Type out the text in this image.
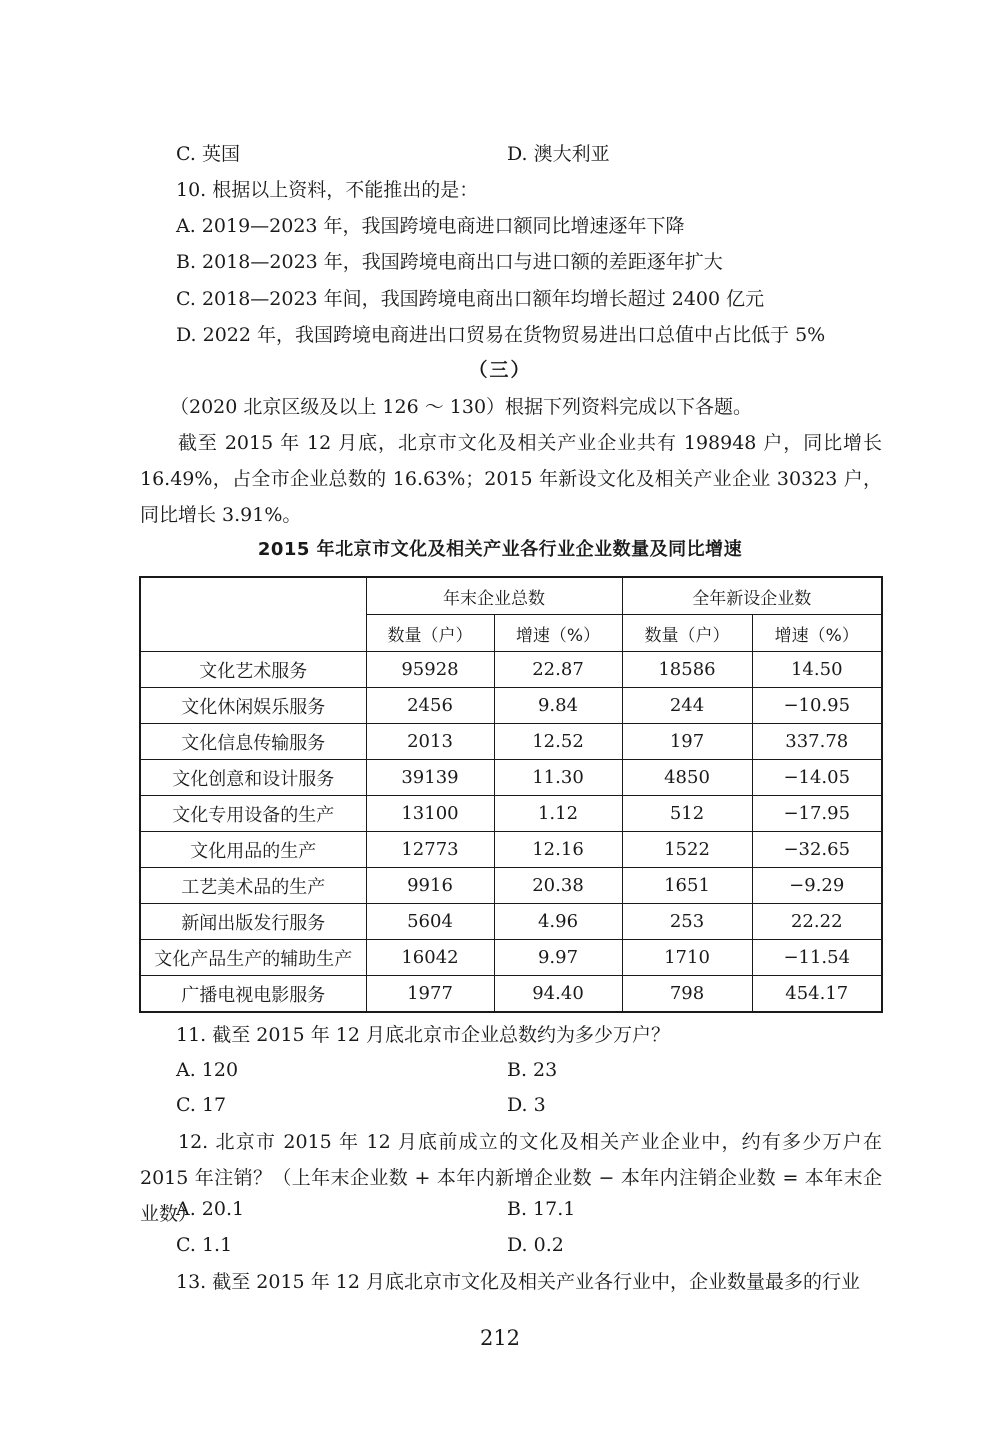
C. 英国	D. 澳大利亚
10. 根据以上资料，不能推出的是：
A. 2019—2023 年，我国跨境电商进口额同比增速逐年下降
B. 2018—2023 年，我国跨境电商出口与进口额的差距逐年扩大
C. 2018—2023 年间，我国跨境电商出口额年均增长超过 2400 亿元
D. 2022 年，我国跨境电商进出口贸易在货物贸易进出口总值中占比低于 5%
（三）
（2020 北京区级及以上 126 ～ 130）根据下列资料完成以下各题。
截至 2015 年 12 月底，北京市文化及相关产业企业共有 198948 户，同比增长 16.49%，占全市企业总数的 16.63%；2015 年新设文化及相关产业企业 30323 户，同比增长 3.91%。
2015 年北京市文化及相关产业各行业企业数量及同比增速
	年末企业总数		全年新设企业数	
	数量（户）	增速（%）	数量（户）	增速（%）
文化艺术服务	95928	22.87	18586	14.50
文化休闲娱乐服务	2456	9.84	244	−10.95
文化信息传输服务	2013	12.52	197	337.78
文化创意和设计服务	39139	11.30	4850	−14.05
文化专用设备的生产	13100	1.12	512	−17.95
文化用品的生产	12773	12.16	1522	−32.65
工艺美术品的生产	9916	20.38	1651	−9.29
新闻出版发行服务	5604	4.96	253	22.22
文化产品生产的辅助生产	16042	9.97	1710	−11.54
广播电视电影服务	1977	94.40	798	454.17
11. 截至 2015 年 12 月底北京市企业总数约为多少万户？
A. 120	B. 23
C. 17	D. 3
12. 北京市 2015 年 12 月底前成立的文化及相关产业企业中，约有多少万户在 2015 年注销？（上年末企业数 + 本年内新增企业数 − 本年内注销企业数 = 本年末企业数）
A. 20.1	B. 17.1
C. 1.1	D. 0.2
13. 截至 2015 年 12 月底北京市文化及相关产业各行业中，企业数量最多的行业
212
